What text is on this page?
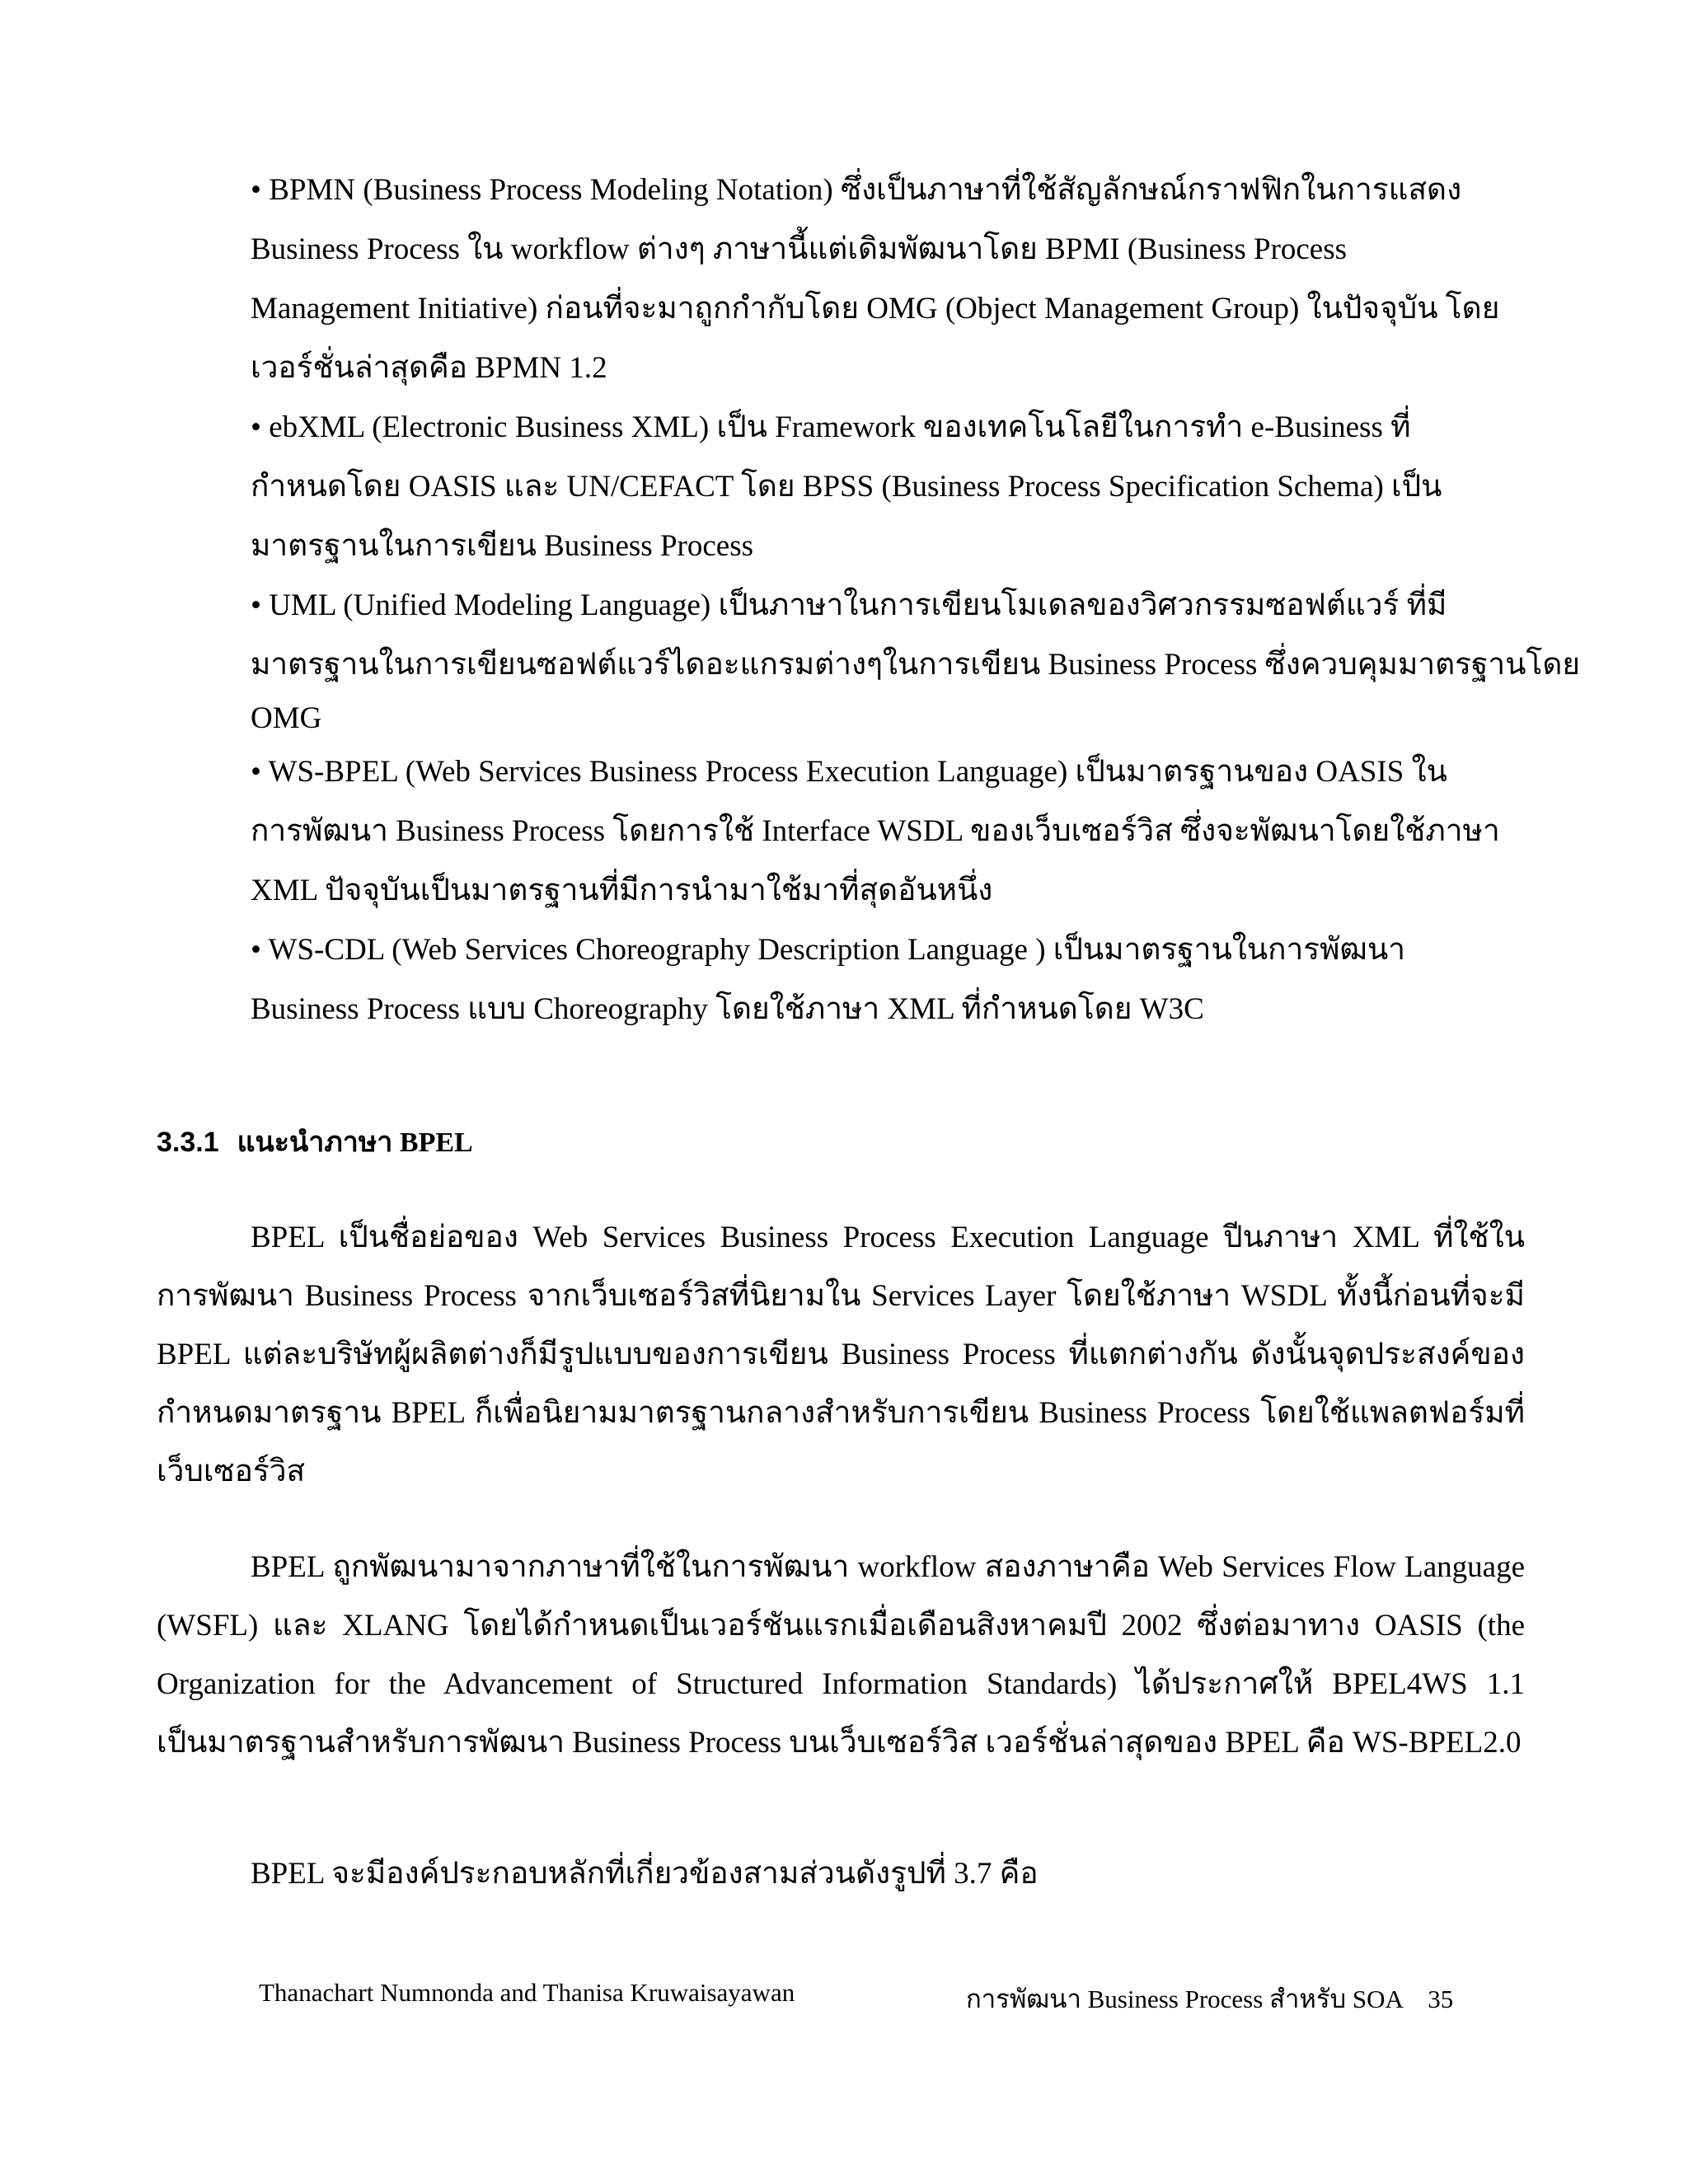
• BPMN (Business Process Modeling Notation) ซึ่งเป็นภาษาที่ใช้สัญลักษณ์กราฟฟิกในการแสดง
Business Process ใน workflow ต่างๆ ภาษานี้แต่เดิมพัฒนาโดย BPMI (Business Process
Management Initiative) ก่อนที่จะมาถูกกำกับโดย OMG (Object Management Group) ในปัจจุบัน โดย
เวอร์ชั่นล่าสุดคือ BPMN 1.2
• ebXML (Electronic Business XML) เป็น Framework ของเทคโนโลยีในการทำ e-Business ที่
กำหนดโดย OASIS และ UN/CEFACT โดย BPSS (Business Process Specification Schema) เป็น
มาตรฐานในการเขียน Business Process
• UML (Unified Modeling Language) เป็นภาษาในการเขียนโมเดลของวิศวกรรมซอฟต์แวร์ ที่มี
มาตรฐานในการเขียนซอฟต์แวร์ไดอะแกรมต่างๆในการเขียน Business Process ซึ่งควบคุมมาตรฐานโดย
OMG
• WS-BPEL (Web Services Business Process Execution Language) เป็นมาตรฐานของ OASIS ใน
การพัฒนา Business Process โดยการใช้ Interface WSDL ของเว็บเซอร์วิส ซึ่งจะพัฒนาโดยใช้ภาษา
XML ปัจจุบันเป็นมาตรฐานที่มีการนำมาใช้มาที่สุดอันหนึ่ง
• WS-CDL (Web Services Choreography Description Language ) เป็นมาตรฐานในการพัฒนา
Business Process แบบ Choreography โดยใช้ภาษา XML ที่กำหนดโดย W3C
3.3.1 แนะนำภาษา BPEL
BPEL เป็นชื่อย่อของ Web Services Business Process Execution Language ปีนภาษา XML ที่ใช้ใน
การพัฒนา Business Process จากเว็บเซอร์วิสที่นิยามใน Services Layer โดยใช้ภาษา WSDL ทั้งนี้ก่อนที่จะมี
BPEL แต่ละบริษัทผู้ผลิตต่างก็มีรูปแบบของการเขียน Business Process ที่แตกต่างกัน ดังนั้นจุดประสงค์ของ
กำหนดมาตรฐาน BPEL ก็เพื่อนิยามมาตรฐานกลางสำหรับการเขียน Business Process โดยใช้แพลตฟอร์มที่
เว็บเซอร์วิส
BPEL ถูกพัฒนามาจากภาษาที่ใช้ในการพัฒนา workflow สองภาษาคือ Web Services Flow Language
(WSFL) และ XLANG โดยได้กำหนดเป็นเวอร์ชันแรกเมื่อเดือนสิงหาคมปี 2002 ซึ่งต่อมาทาง OASIS (the
Organization for the Advancement of Structured Information Standards) ได้ประกาศให้ BPEL4WS 1.1
เป็นมาตรฐานสำหรับการพัฒนา Business Process บนเว็บเซอร์วิส เวอร์ชั่นล่าสุดของ BPEL คือ WS-BPEL2.0
BPEL จะมีองค์ประกอบหลักที่เกี่ยวข้องสามส่วนดังรูปที่ 3.7 คือ
Thanachart Numnonda and Thanisa Kruwaisayawan	การพัฒนา Business Process สำหรับ SOA    35
